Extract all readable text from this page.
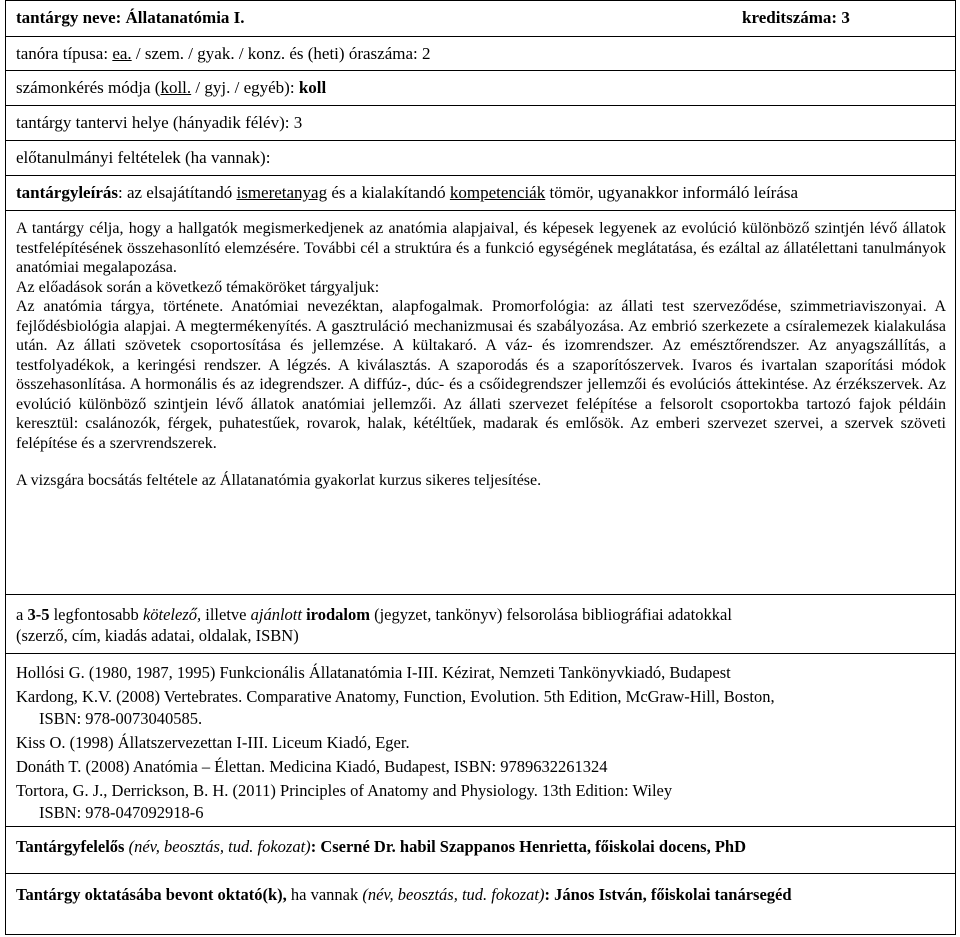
tantárgy neve: Állatanatómia I.	kreditszáma: 3
tanóra típusa: ea. / szem. / gyak. / konz. és (heti) óraszáma: 2
számonkérés módja (koll. / gyj. / egyéb): koll
tantárgy tantervi helye (hányadik félév): 3
előtanulmányi feltételek (ha vannak):
tantárgyleírás: az elsajátítandó ismeretanyag és a kialakítandó kompetenciák tömör, ugyanakkor informáló leírása

A tantárgy célja, hogy a hallgatók megismerkedjenek az anatómia alapjaival, és képesek legyenek az evolúció különböző szintjén lévő állatok testfelépítésének összehasonlító elemzésére. További cél a struktúra és a funkció egységének meglátatása, és ezáltal az állatélettani tanulmányok anatómiai megalapozása.

Az előadások során a következő témaköröket tárgyaljuk:

Az anatómia tárgya, története. Anatómiai nevezéktan, alapfogalmak. Promorfológia: az állati test szerveződése, szimmetriaviszonyai. A fejlődésbiológia alapjai. A megtermékenyítés. A gasztruláció mechanizmusai és szabályozása. Az embrió szerkezete a csíralemezek kialakulása után. Az állati szövetek csoportosítása és jellemzése. A kültakaró. A váz- és izomrendszer. Az emésztőrendszer. Az anyagszállítás, a testfolyadékok, a keringési rendszer. A légzés. A kiválasztás. A szaporodás és a szaporítószervek. Ivaros és ivartalan szaporítási módok összehasonlítása. A hormonális és az idegrendszer. A diffúz-, dúc- és a csőidegrendszer jellemzői és evolúciós áttekintése. Az érzékszervek. Az evolúció különböző szintjein lévő állatok anatómiai jellemzői. Az állati szervezet felépítése a felsorolt csoportokba tartozó fajok példáin keresztül: csalánozók, férgek, puhatestűek, rovarok, halak, kétéltűek, madarak és emlősök. Az emberi szervezet szervei, a szervek szöveti felépítése és a szervrendszerek.

A vizsgára bocsátás feltétele az Állatanatómia gyakorlat kurzus sikeres teljesítése.

a 3-5 legfontosabb kötelező, illetve ajánlott irodalom (jegyzet, tankönyv) felsorolása bibliográfiai adatokkal

(szerző, cím, kiadás adatai, oldalak, ISBN)

Hollósi G. (1980, 1987, 1995) Funkcionális Állatanatómia I-III. Kézirat, Nemzeti Tankönyvkiadó, Budapest
Kardong, K.V. (2008) Vertebrates. Comparative Anatomy, Function, Evolution. 5th Edition, McGraw-Hill, Boston,
ISBN: 978-0073040585.
Kiss O. (1998) Állatszervezettan I-III. Liceum Kiadó, Eger.
Donáth T. (2008) Anatómia – Élettan. Medicina Kiadó, Budapest, ISBN: 9789632261324
Tortora, G. J., Derrickson, B. H. (2011) Principles of Anatomy and Physiology. 13th Edition: Wiley
ISBN: 978-047092918-6
Tantárgyfelelős (név, beosztás, tud. fokozat): Cserné Dr. habil Szappanos Henrietta, főiskolai docens, PhD

Tantárgy oktatásába bevont oktató(k), ha vannak (név, beosztás, tud. fokozat): János István, főiskolai tanársegéd
